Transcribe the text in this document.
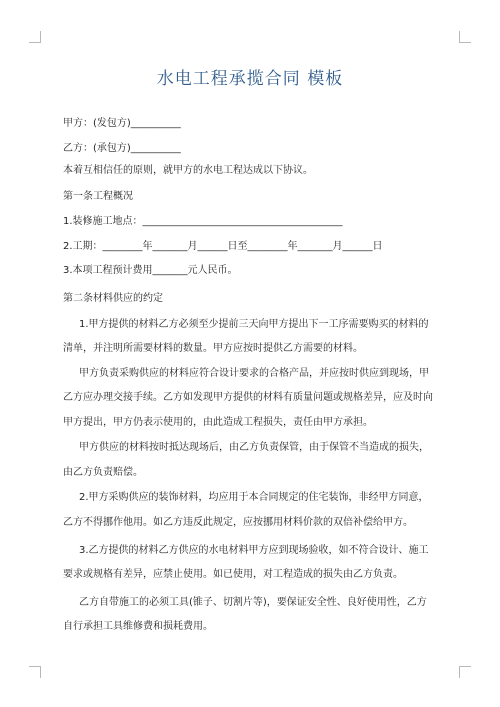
水电工程承揽合同 模板
甲方：(发包方)__________
乙方：(承包方)__________
本着互相信任的原则，就甲方的水电工程达成以下协议。
第一条工程概况
1.装修施工地点：________________________________________
2.工期：________年_______月______日至________年_______月______日
3.本项工程预计费用_______元人民币。
第二条材料供应的约定
1.甲方提供的材料乙方必须至少提前三天向甲方提出下一工序需要购买的材料的
清单，并注明所需要材料的数量。甲方应按时提供乙方需要的材料。
甲方负责采购供应的材料应符合设计要求的合格产品，并应按时供应到现场，甲
乙方应办理交接手续。乙方如发现甲方提供的材料有质量问题或规格差异，应及时向
甲方提出，甲方仍表示使用的，由此造成工程损失，责任由甲方承担。
甲方供应的材料按时抵达现场后，由乙方负责保管，由于保管不当造成的损失，
由乙方负责赔偿。
2.甲方采购供应的装饰材料，均应用于本合同规定的住宅装饰，非经甲方同意，
乙方不得挪作他用。如乙方违反此规定，应按挪用材料价款的双倍补偿给甲方。
3.乙方提供的材料乙方供应的水电材料甲方应到现场验收，如不符合设计、施工
要求或规格有差异，应禁止使用。如已使用，对工程造成的损失由乙方负责。
乙方自带施工的必须工具(锥子、切割片等)，要保证安全性、良好使用性，乙方
自行承担工具维修费和损耗费用。
